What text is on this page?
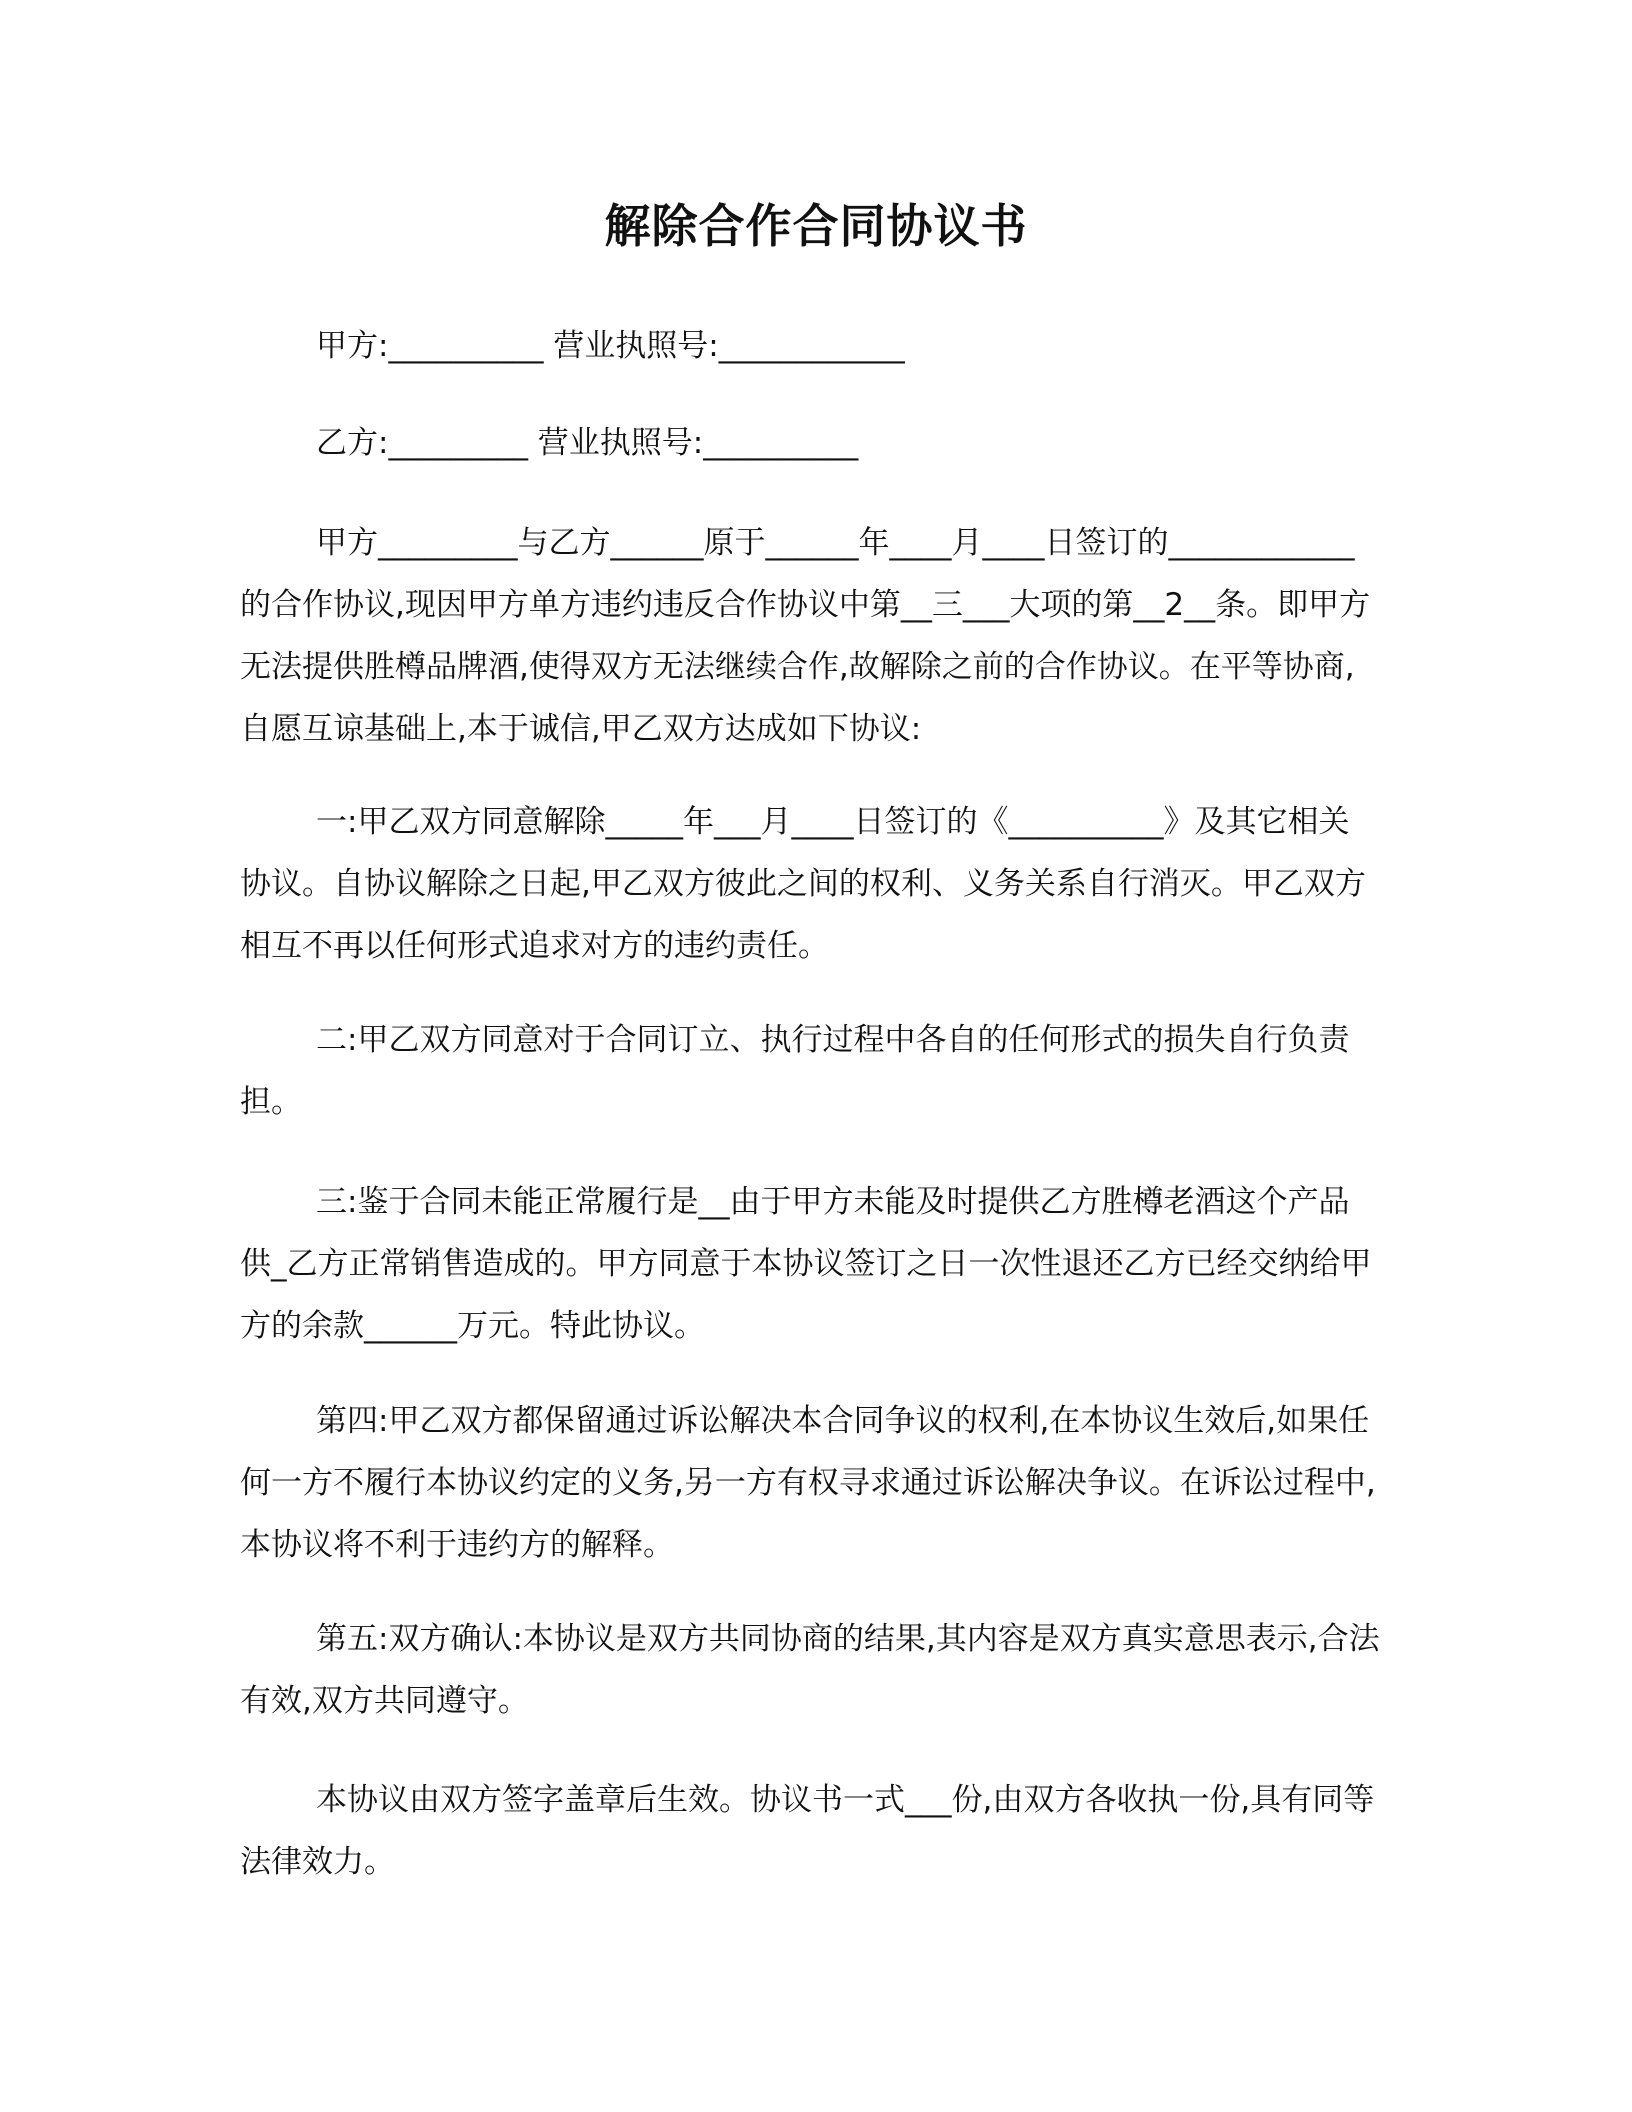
解除合作合同协议书
甲方:__________ 营业执照号:____________
乙方:_________ 营业执照号:__________
甲方_________与乙方______原于______年____月____日签订的____________的合作协议,现因甲方单方违约违反合作协议中第__三___大项的第__2__条。即甲方无法提供胜樽品牌酒,使得双方无法继续合作,故解除之前的合作协议。在平等协商,自愿互谅基础上,本于诚信,甲乙双方达成如下协议:
一:甲乙双方同意解除_____年___月____日签订的《__________》及其它相关协议。自协议解除之日起,甲乙双方彼此之间的权利、义务关系自行消灭。甲乙双方相互不再以任何形式追求对方的违约责任。
二:甲乙双方同意对于合同订立、执行过程中各自的任何形式的损失自行负责担。
三:鉴于合同未能正常履行是__由于甲方未能及时提供乙方胜樽老酒这个产品供_乙方正常销售造成的。甲方同意于本协议签订之日一次性退还乙方已经交纳给甲方的余款______万元。特此协议。
第四:甲乙双方都保留通过诉讼解决本合同争议的权利,在本协议生效后,如果任何一方不履行本协议约定的义务,另一方有权寻求通过诉讼解决争议。在诉讼过程中,本协议将不利于违约方的解释。
第五:双方确认:本协议是双方共同协商的结果,其内容是双方真实意思表示,合法有效,双方共同遵守。
本协议由双方签字盖章后生效。协议书一式___份,由双方各收执一份,具有同等法律效力。
